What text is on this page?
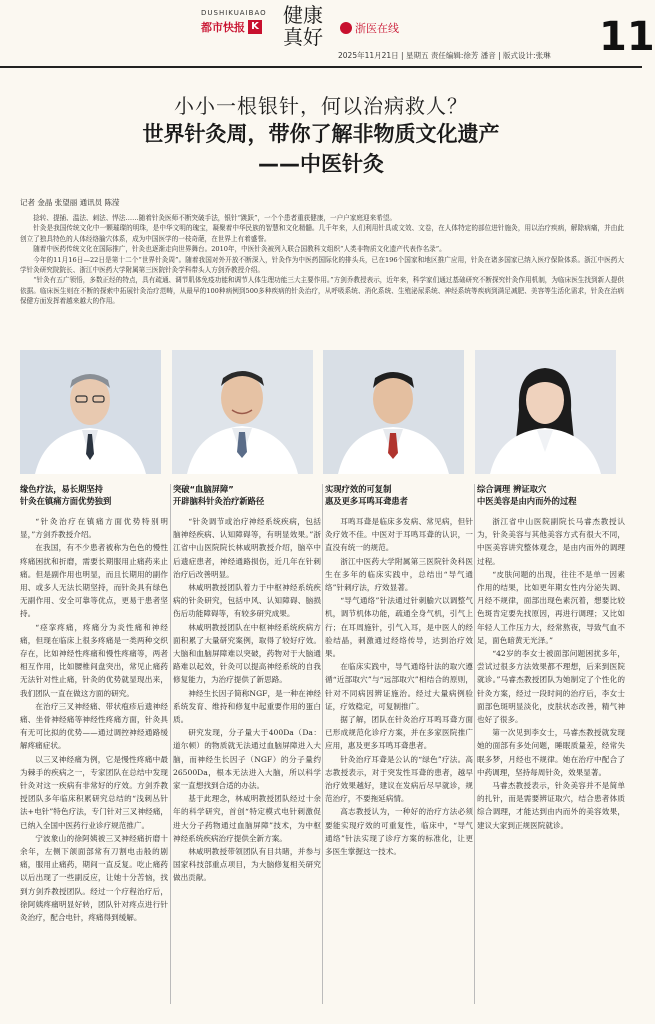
DUSHIKUAIBAO
都市快报 K 健康真好	浙医在线
2025年11月21日 | 星期五 责任编辑:徐芳 潘音 | 版式设计:张琳 11
小小一根银针，何以治病救人？
世界针灸周，带你了解非物质文化遗产
——中医针灸
记者 金晶 张望丽 通讯员 陈滢

捻转、提插、温法、刺法、悍法……随着针灸医师不断突破手法，银针“跳跃”，一个个患者重获健康，一户户家庭迎来希望。

针灸是我国传统文化中一颗璀璨的明珠，是中华文明的瑰宝，凝聚着中华民族的智慧和文化精髓。几千年来，人们利用针具或文效、文卷，在人体特定的部位进针施灸，用以治疗疾病，解除病痛，并由此创立了独具特色的人体经络腧穴体系，成为中国医学的一枝奇葩，在世界上有着盛誉。

随着中医药传统文化在国际推广，针灸也逐渐走向世界舞台。2010年，中医针灸被列入联合国教科文组织“人类非物质文化遗产代表作名录”。

今年的11月16日—22日是第十二个“世界针灸周”。随着我国对外开放不断深入，针灸作为中医药国际化的排头兵，已在196个国家和地区推广应用，针灸在诸多国家已纳入医疗保险体系。浙江中医药大学针灸研究院院长、浙江中医药大学附属第三医院针灸学科带头人方剑乔教授介绍。

“针灸有五广领悟，多数正经的特点，具有疏通、调节肌体免疫功能和调节人体生理功能三大主要作用。”方剑乔教授表示，近年来，科学家们通过基础研究不断探究针灸作用机制，为临床医生找到新人提供依据。临床医生则在不断的探索中拓展针灸治疗范畴，从最早的100种病例到500多种疾病的针灸治疗，从呼吸系统、消化系统、生殖泌尿系统、神经系统等疾病到满足减肥、美容等生活化需求，针灸在治病保健方面发挥着越来越大的作用。

缘色疗法，易长期坚持
针灸在镇痛方面优势独到

“针灸治疗在镇痛方面优势特别明显，”方剑乔教授介绍。

在我国，有不少患者被称为色色的慢性疼痛困扰和折磨，需要长期服用止痛药来止痛。但是副作用也明显，而且长期用的副作用、或多人无法长期坚持，而针灸具有绿色无副作用、安全可靠等优点，更易于患者坚持。

“痉挛疼痛，疼痛分为炎性痛和神经痛，但现在临床上很多疼痛是一类两种交织存在，比如神经性疼痛和慢性疼痛等，两者相互作用，比如腰椎间盘突出，常见止痛药无法针对性止痛，针灸的优势就显现出来，我们团队一直在做这方面的研究。

在治疗三叉神经痛、带状疱疹后遗神经痛、坐骨神经痛等神经性疼痛方面，针灸具有无可比拟的优势——通过调控神经通路缓解疼痛症状。

以三叉神经痛为例，它是慢性疼痛中最为棘手的疾病之一，专家团队在总结中发现针灸对这一疾病有非常好的疗效。方剑乔教授团队多年临床积累研究总结的“浅刺丛针法+电针”特色疗法，专门针对三叉神经痛，已纳入全国中医药行业诊疗规范推广。

宁波象山的徐阿姨被三叉神经痛折磨十余年，左侧下颌面部常有刀割电击般的剧痛，服用止痛药，期间一直反复。吃止痛药以后出现了一些副反应，让她十分苦恼，找到方剑乔教授团队。经过一个疗程治疗后，徐阿姨疼痛明显好转，团队针对疼点进行针灸治疗，配合电针，疼痛得到缓解。

突破“血脑屏障”
开辟脑科针灸治疗新路径

“针灸调节或治疗神经系统疾病，包括脑神经疾病、认知障碍等，有明显效果。”浙江省中山医院院长林咸明教授介绍，脑卒中后遗症患者，神经通路损伤，近几年在针刺治疗后改善明显。

林咸明教授团队着力于中枢神经系统疾病的针灸研究，包括中风、认知障碍、脑损伤后功能障碍等，有较多研究成果。

林咸明教授团队在中枢神经系统疾病方面积累了大量研究案例，取得了较好疗效。大脑和血脑屏障难以突破，药物对于大脑通路难以起效，针灸可以提高神经系统的自我修复能力，为治疗提供了新思路。

神经生长因子简称NGF，是一种在神经系统发育、维持和修复中起重要作用的蛋白质。

研究发现，分子量大于400Da（Da：道尔顿）的物质就无法通过血脑屏障进入大脑，而神经生长因子（NGF）的分子量约26500Da，根本无法进入大脑，所以科学家一直想找到合适的办法。

基于此理念，林咸明教授团队经过十余年的科学研究，首创“特定模式电针刺激促进大分子药物通过血脑屏障”技术，为中枢神经系统疾病治疗提供全新方案。

林咸明教授带领团队有目共睹，并参与国家科技部重点项目，为大脑修复相关研究做出贡献。

实现疗效的可复制
惠及更多耳鸣耳聋患者

耳鸣耳聋是临床多发病、常见病，但针灸疗效不佳。中医对于耳鸣耳聋的认识，一直没有统一的规范。

浙江中医药大学附属第三医院针灸科医生在多年的临床实践中，总结出“导气通络”针刺疗法，疗效显著。

“导气通络”针法通过针刺腧穴以调整气机，调节机体功能，疏通全身气机，引气上行；在耳周施针，引气入耳，是中医人的经验结晶，刺激通过经络传导，达到治疗效果。

在临床实践中，导气通络针法的取穴遵循“近部取穴”与“远部取穴”相结合的原则，针对不同病因辨证施治。经过大量病例验证，疗效稳定，可复制推广。

据了解，团队在针灸治疗耳鸣耳聋方面已形成规范化诊疗方案，并在多家医院推广应用，惠及更多耳鸣耳聋患者。

针灸治疗耳聋是公认的“绿色”疗法。高志教授表示，对于突发性耳聋的患者，越早治疗效果越好，建议在发病后尽早就诊，规范治疗，不要拖延病情。

高志教授认为，一种好的治疗方法必须要能实现疗效的可重复性，临床中，“导气通络”针法实现了诊疗方案的标准化，让更多医生掌握这一技术。

综合调理 辨证取穴
中医美容是由内而外的过程

浙江省中山医院副院长马睿杰教授认为，针灸美容与其他美容方式有很大不同，中医美容讲究整体观念，是由内而外的调理过程。

“皮肤问题的出现，往往不是单一因素作用的结果，比如更年期女性内分泌失调、月经不规律，面部出现色素沉着，想要比较色斑肯定要先找原因，再进行调理；又比如年轻人工作压力大，经常熬夜，导致气血不足，面色暗黄无光泽。”

“42岁的李女士被面部问题困扰多年，尝试过很多方法效果都不理想，后来到医院就诊。”马睿杰教授团队为她制定了个性化的针灸方案，经过一段时间的治疗后，李女士面部色斑明显淡化，皮肤状态改善，精气神也好了很多。

第一次见到李女士，马睿杰教授就发现她的面部有多处问题，睡眠质量差，经常失眠多梦，月经也不规律。她在治疗中配合了中药调理，坚持每周针灸，效果显著。

马睿杰教授表示，针灸美容并不是简单的扎针，而是需要辨证取穴，结合患者体质综合调理，才能达到由内而外的美容效果，建议大家到正规医院就诊。
